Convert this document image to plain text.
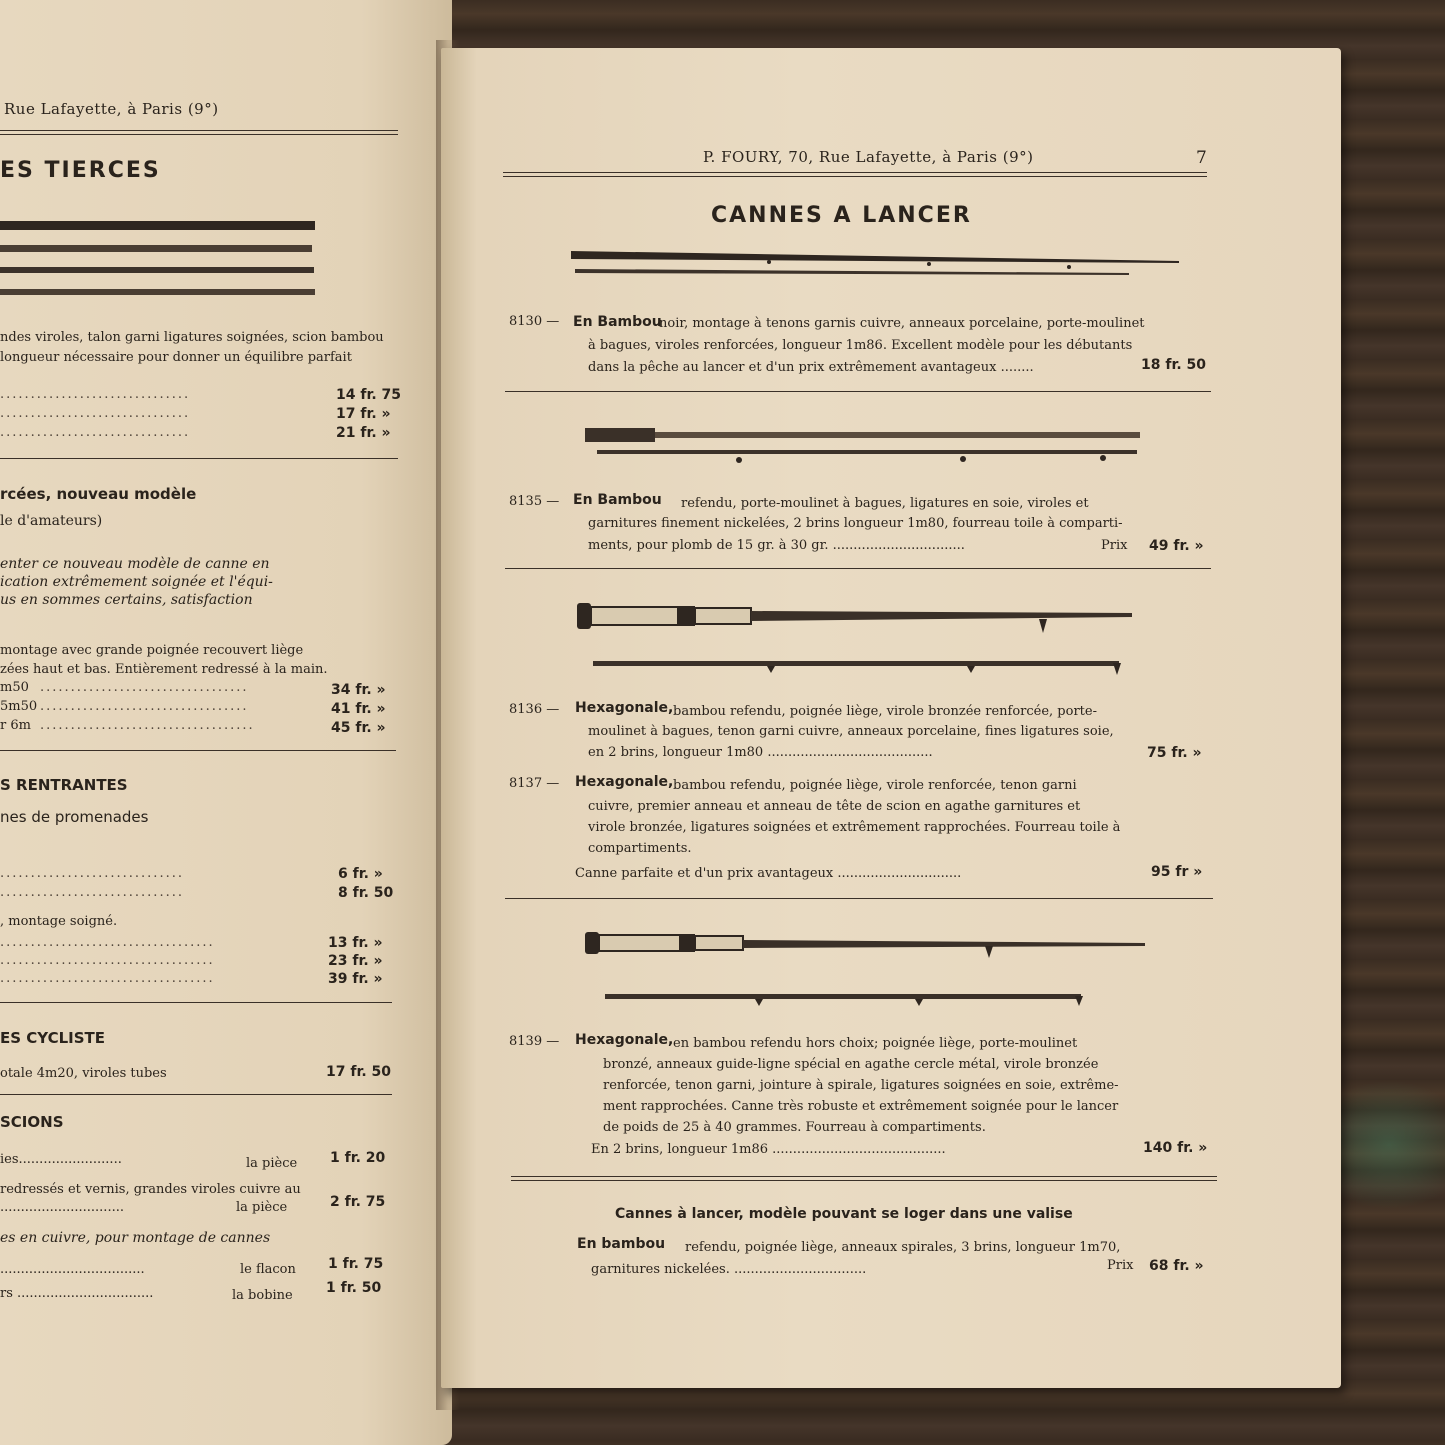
Rue Lafayette, à Paris (9°)
ES TIERCES
ndes viroles, talon garni ligatures soignées, scion bambou
longueur nécessaire pour donner un équilibre parfait
...............................	14 fr. 75
...............................	17 fr. »
...............................	21 fr. »
rcées, nouveau modèle
le d'amateurs)
enter ce nouveau modèle de canne en
ication extrêmement soignée et l'équi-
us en sommes certains, satisfaction
montage avec grande poignée recouvert liège
zées haut et bas. Entièrement redressé à la main.
m50 ..................................	34 fr. »
5m50 ..................................	41 fr. »
r 6m ...................................	45 fr. »
S RENTRANTES
nes de promenades
..............................	6 fr. »
..............................	8 fr. 50
, montage soigné.
...................................	13 fr. »
...................................	23 fr. »
...................................	39 fr. »
ES CYCLISTE
otale 4m20, viroles tubes	17 fr. 50
SCIONS
ies.........................	la pièce 1 fr. 20
redressés et vernis, grandes viroles cuivre au
..............................	la pièce	2 fr. 75
es en cuivre, pour montage de cannes
...................................	le flacon 1 fr. 75
rs .................................	la bobine 1 fr. 50
P. FOURY, 70, Rue Lafayette, à Paris (9°)	7
CANNES A LANCER
8130 — En Bambou
noir, montage à tenons garnis cuivre, anneaux porcelaine, porte-moulinet
à bagues, viroles renforcées, longueur 1m86. Excellent modèle pour les débutants
dans la pêche au lancer et d'un prix extrêmement avantageux ........	18 fr. 50
8135 — En Bambou refendu, porte-moulinet à bagues, ligatures en soie, viroles et
garnitures finement nickelées, 2 brins longueur 1m80, fourreau toile à comparti-
ments, pour plomb de 15 gr. à 30 gr. ................................	Prix 49 fr. »
8136 — Hexagonale, bambou refendu, poignée liège, virole bronzée renforcée, porte-
moulinet à bagues, tenon garni cuivre, anneaux porcelaine, fines ligatures soie,
en 2 brins, longueur 1m80 ........................................	75 fr. »
8137 — Hexagonale, bambou refendu, poignée liège, virole renforcée, tenon garni
cuivre, premier anneau et anneau de tête de scion en agathe garnitures et
virole bronzée, ligatures soignées et extrêmement rapprochées. Fourreau toile à
compartiments.
Canne parfaite et d'un prix avantageux ..............................	95 fr »
8139 — Hexagonale, en bambou refendu hors choix; poignée liège, porte-moulinet
bronzé, anneaux guide-ligne spécial en agathe cercle métal, virole bronzée
renforcée, tenon garni, jointure à spirale, ligatures soignées en soie, extrême-
ment rapprochées. Canne très robuste et extrêmement soignée pour le lancer
de poids de 25 à 40 grammes. Fourreau à compartiments.
En 2 brins, longueur 1m86 ..........................................	140 fr. »
Cannes à lancer, modèle pouvant se loger dans une valise
En bambou refendu, poignée liège, anneaux spirales, 3 brins, longueur 1m70,
garnitures nickelées. ................................	Prix 68 fr. »
